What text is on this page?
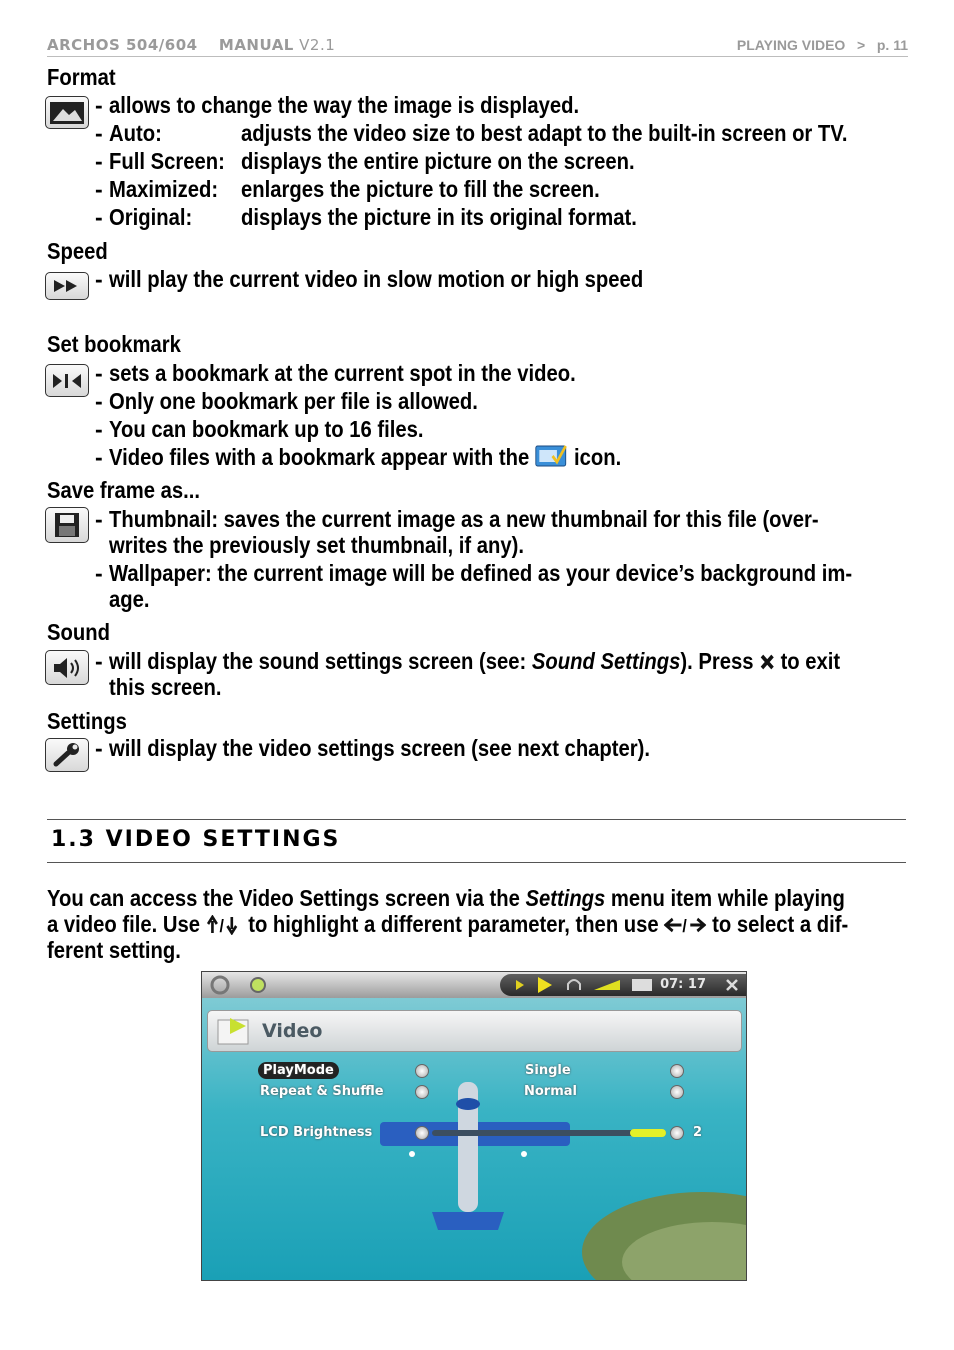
ARCHOS 504/604 MANUAL V2.1	PLAYING VIDEO > p. 11
Format
- allows to change the way the image is displayed.
- Auto:	adjusts the video size to best adapt to the built-in screen or TV.
- Full Screen: displays the entire picture on the screen.
- Maximized: enlarges the picture to fill the screen.
- Original: displays the picture in its original format.
Speed
- will play the current video in slow motion or high speed
Set bookmark
- sets a bookmark at the current spot in the video.
- Only one bookmark per file is allowed.
- You can bookmark up to 16 files.
- Video files with a bookmark appear with the icon.
Save frame as...
- Thumbnail: saves the current image as a new thumbnail for this file (over-
writes the previously set thumbnail, if any).
- Wallpaper: the current image will be defined as your device’s background im-
age.
Sound
- will display the sound settings screen (see: Sound Settings). Press to exit
this screen.
Settings
- will display the video settings screen (see next chapter).
1.3 VIDEO SETTINGS
You can access the Video Settings screen via the Settings menu item while playing
a video file. Use / to highlight a different parameter, then use / to select a dif-
ferent setting.
07: 17
Video
PlayMode	Single
Repeat & Shuffle	Normal
LCD Brightness	2
